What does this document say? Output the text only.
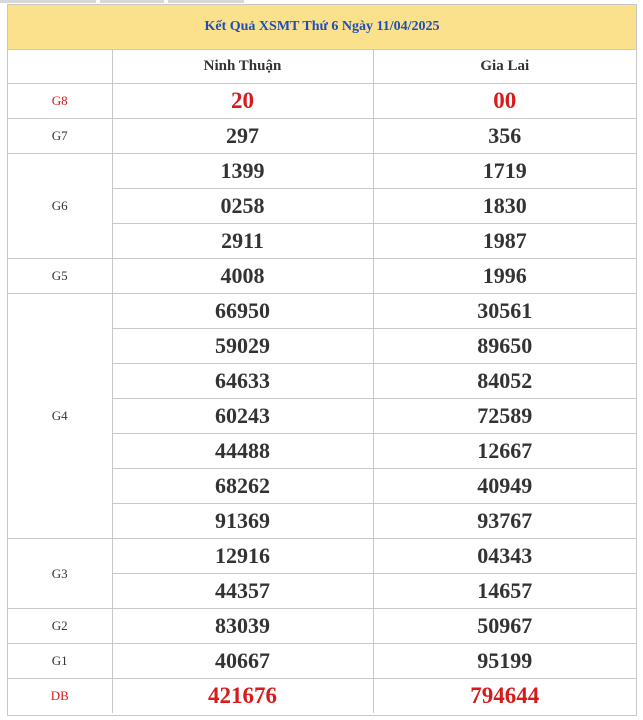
Kết Quả XSMT Thứ 6 Ngày 11/04/2025		
	Ninh Thuận	Gia Lai
G8	20	00
G7	297	356
G6	1399	1719
	0258	1830
	2911	1987
G5	4008	1996
G4	66950	30561
	59029	89650
	64633	84052
	60243	72589
	44488	12667
	68262	40949
	91369	93767
G3	12916	04343
	44357	14657
G2	83039	50967
G1	40667	95199
DB	421676	794644
